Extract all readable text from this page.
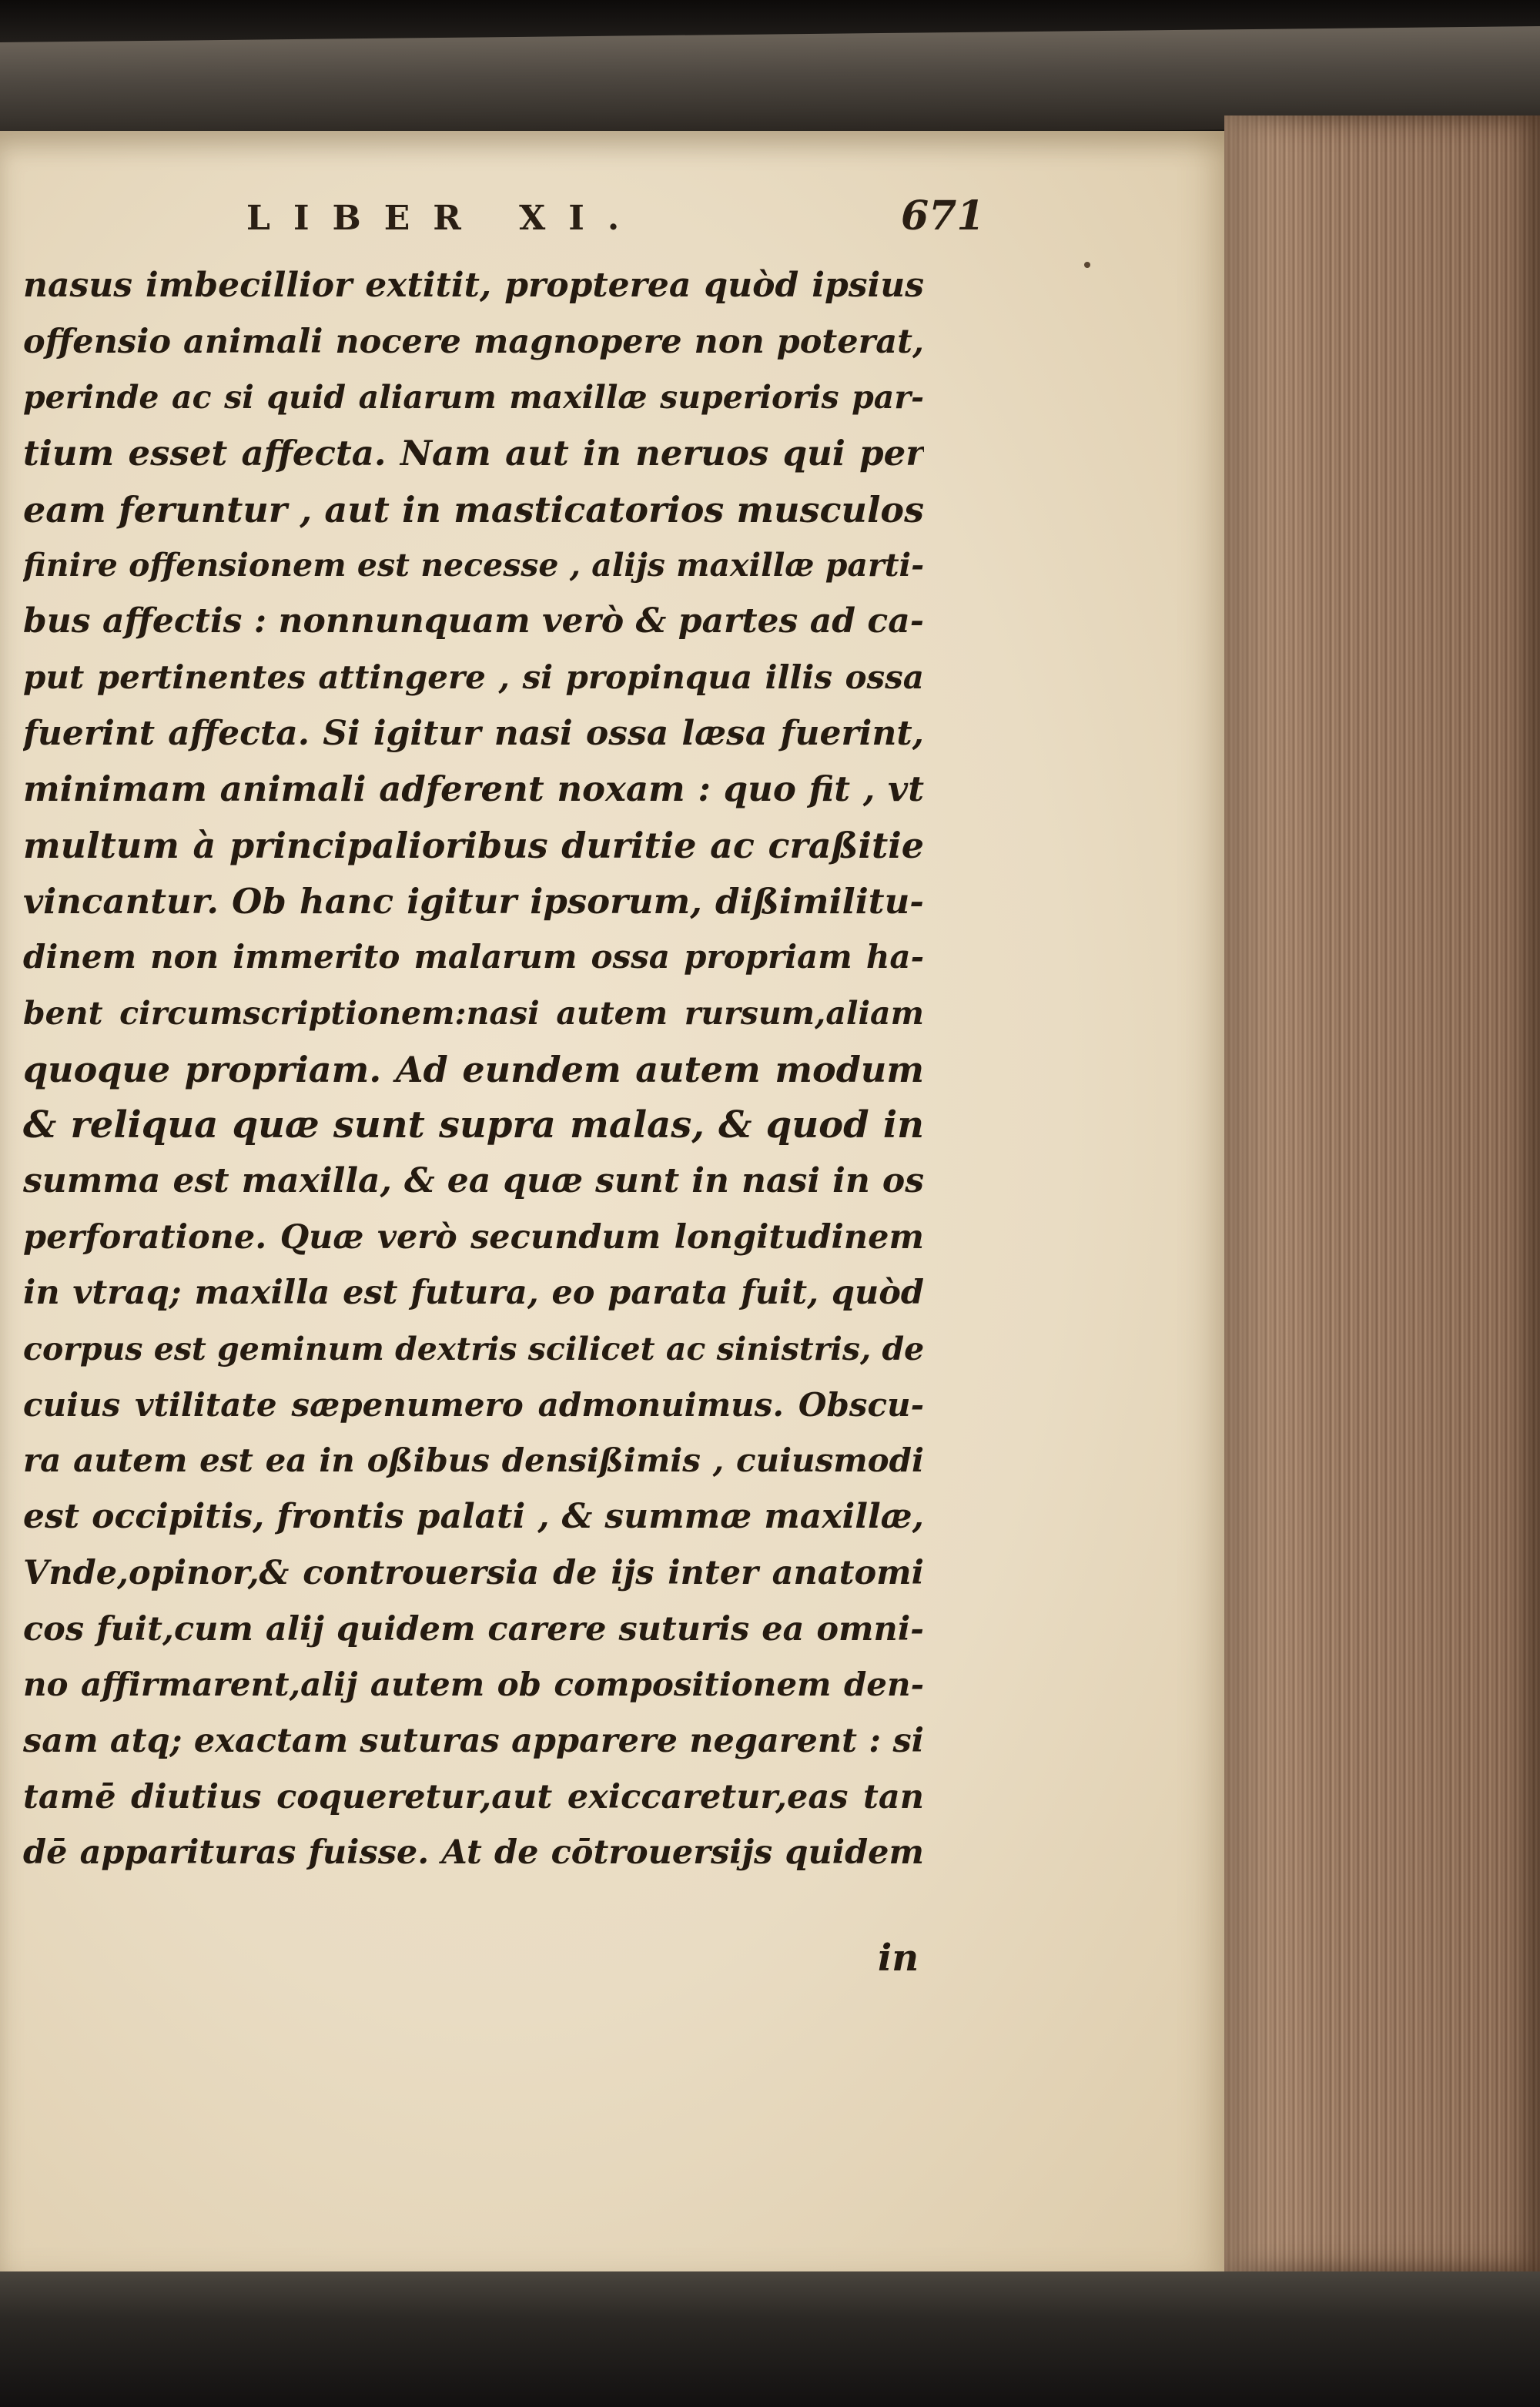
LIBER XI.	671
nasus imbecillior extitit, propterea quòd ipsius
offensio animali nocere magnopere non poterat,
perinde ac si quid aliarum maxillæ superioris par-
tium esset affecta. Nam aut in neruos qui per
eam feruntur , aut in masticatorios musculos
finire offensionem est necesse , alijs maxillæ parti-
bus affectis : nonnunquam verò & partes ad ca-
put pertinentes attingere , si propinqua illis ossa
fuerint affecta. Si igitur nasi ossa læsa fuerint,
minimam animali adferent noxam : quo fit , vt
multum à principalioribus duritie ac craßitie
vincantur. Ob hanc igitur ipsorum, dißimilitu-
dinem non immerito malarum ossa propriam ha-
bent circumscriptionem:nasi autem rursum,aliam
quoque propriam. Ad eundem autem modum
& reliqua quæ sunt supra malas, & quod in
summa est maxilla, & ea quæ sunt in nasi in os
perforatione. Quæ verò secundum longitudinem
in vtraq; maxilla est futura, eo parata fuit, quòd
corpus est geminum dextris scilicet ac sinistris, de
cuius vtilitate sæpenumero admonuimus. Obscu-
ra autem est ea in oßibus densißimis , cuiusmodi
est occipitis, frontis palati , & summæ maxillæ,
Vnde,opinor,& controuersia de ijs inter anatomi
cos fuit,cum alij quidem carere suturis ea omni-
no affirmarent,alij autem ob compositionem den-
sam atq; exactam suturas apparere negarent : si
tamē diutius coqueretur,aut exiccaretur,eas tan
dē apparituras fuisse. At de cōtrouersijs quidem
in
